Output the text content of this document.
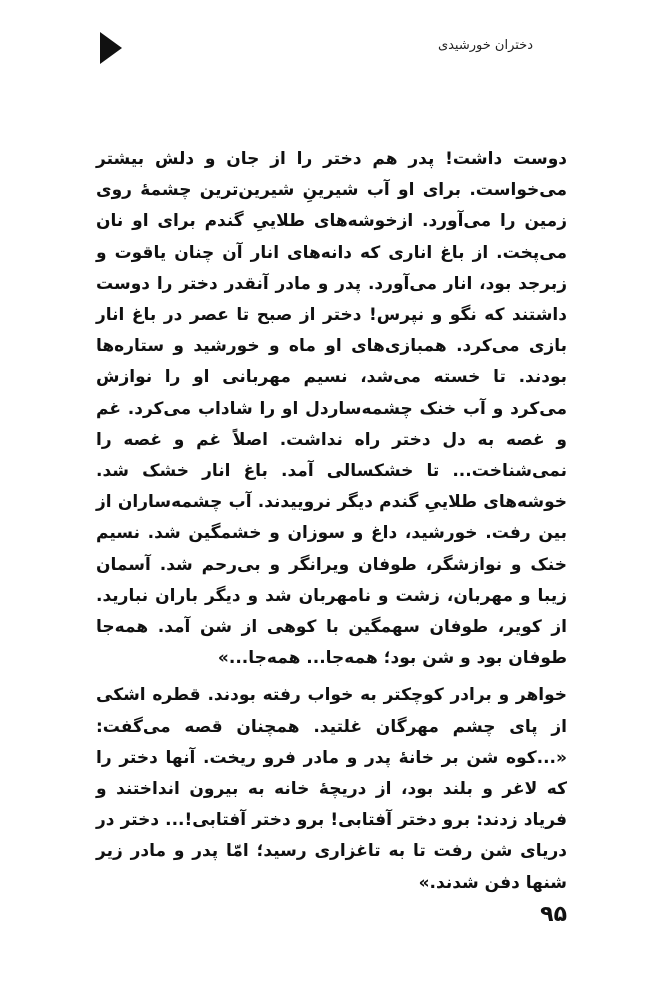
دختران خورشیدی

دوست داشت! پدر هم دختر را از جان و دلش بیشتر می‌خواست. برای او آب شیرینِ شیرین‌ترین چشمهٔ روی زمین را می‌آورد. ازخوشه‌های طلاییِ گندم برای او نان می‌پخت. از باغ اناری که دانه‌های انار آن چنان یاقوت و زبرجد بود، انار می‌آورد. پدر و مادر آنقدر دختر را دوست داشتند که نگو و نپرس! دختر از صبح تا عصر در باغ انار بازی می‌کرد. همبازی‌های او ماه و خورشید و ستاره‌ها بودند. تا خسته می‌شد، نسیم مهربانی او را نوازش می‌کرد و آب خنک چشمه‌ساردل او را شاداب می‌کرد. غم و غصه به دل دختر راه نداشت. اصلاً غم و غصه را نمی‌شناخت... تا خشکسالی آمد. باغ انار خشک شد. خوشه‌های طلاییِ گندم دیگر نروییدند. آب چشمه‌ساران از بین رفت. خورشید، داغ و سوزان و خشمگین شد. نسیم خنک و نوازشگر، طوفان ویرانگر و بی‌رحم شد. آسمان زیبا و مهربان، زشت و نامهربان شد و دیگر باران نبارید. از کویر، طوفان سهمگین با کوهی از شن آمد. همه‌جا طوفان بود و شن بود؛ همه‌جا... همه‌جا...»

خواهر و برادر کوچکتر به خواب رفته بودند. قطره اشکی از پای چشم مهرگان غلتید. همچنان قصه می‌گفت: «...کوه شن بر خانهٔ پدر و مادر فرو ریخت. آنها دختر را که لاغر و بلند بود، از دریچهٔ خانه به بیرون انداختند و فریاد زدند: برو دختر آفتابی! برو دختر آفتابی!... دختر در دریای شن رفت تا به تاغزاری رسید؛ امّا پدر و مادر زیر شنها دفن شدند.»

۹۵
